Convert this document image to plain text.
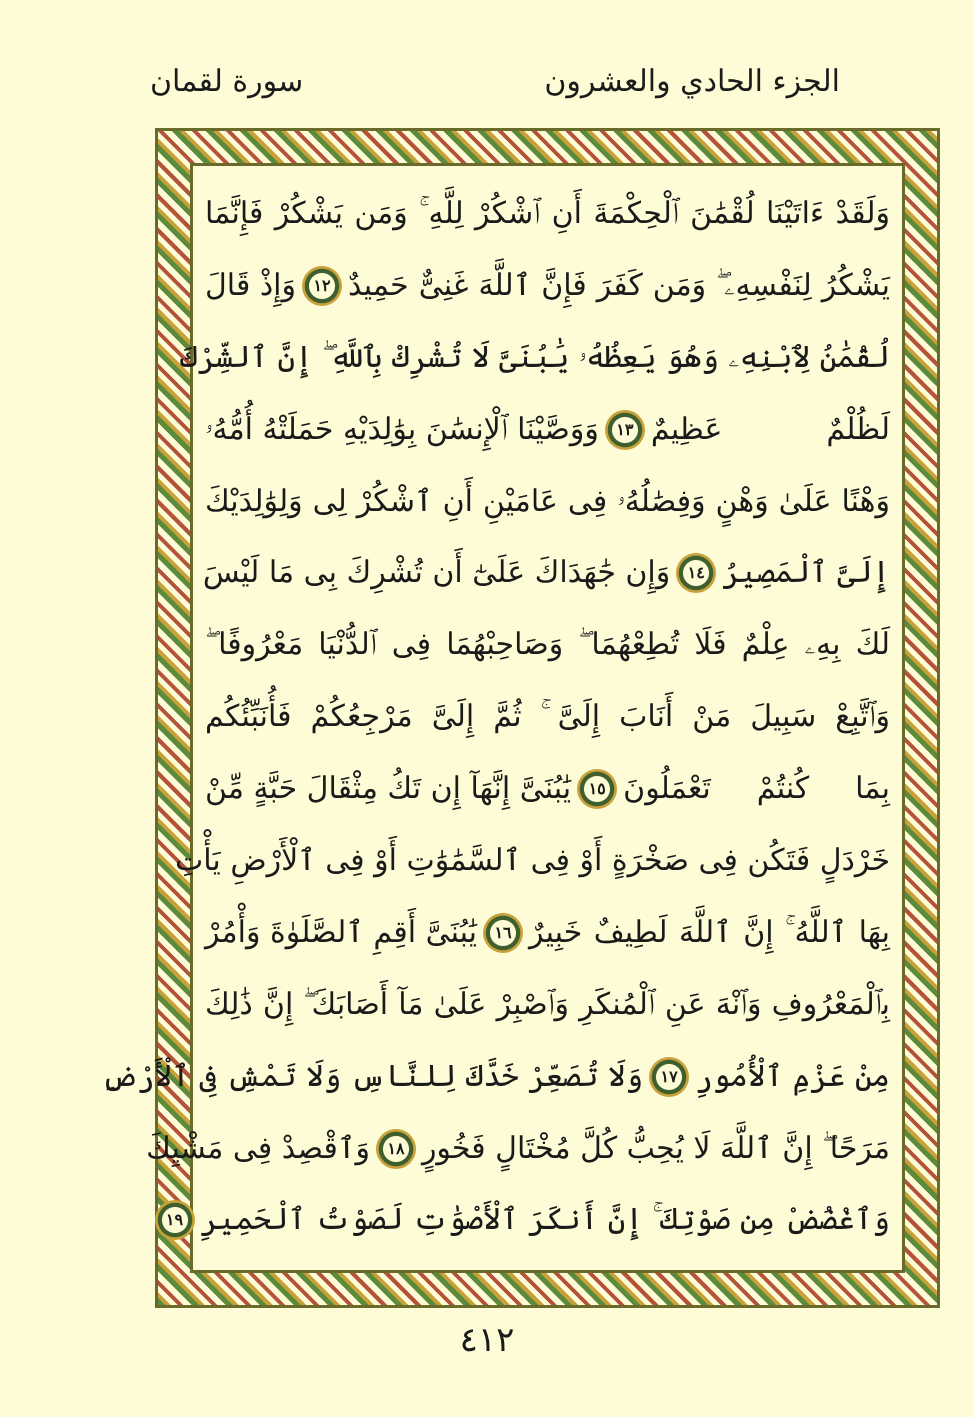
الجزء الحادي والعشرون
سورة لقمان
وَلَقَدْ ءَاتَيْنَا لُقْمَٰنَ ٱلْحِكْمَةَ أَنِ ٱشْكُرْ لِلَّهِ ۚ وَمَن يَشْكُرْ فَإِنَّمَا
يَشْكُرُ لِنَفْسِهِۦ ۖ وَمَن كَفَرَ فَإِنَّ ٱللَّهَ غَنِىٌّ حَمِيدٌ
١٢
وَإِذْ قَالَ
لُقْمَٰنُ لِٱبْنِهِۦ وَهُوَ يَعِظُهُۥ يَٰبُنَىَّ لَا تُشْرِكْ بِٱللَّهِ ۖ إِنَّ ٱلشِّرْكَ
لَظُلْمٌ عَظِيمٌ
١٣
وَوَصَّيْنَا ٱلْإِنسَٰنَ بِوَٰلِدَيْهِ حَمَلَتْهُ أُمُّهُۥ
وَهْنًا عَلَىٰ وَهْنٍ وَفِصَٰلُهُۥ فِى عَامَيْنِ أَنِ ٱشْكُرْ لِى وَلِوَٰلِدَيْكَ
إِلَىَّ ٱلْمَصِيرُ
١٤
وَإِن جَٰهَدَاكَ عَلَىٰٓ أَن تُشْرِكَ بِى مَا لَيْسَ
لَكَ بِهِۦ عِلْمٌ فَلَا تُطِعْهُمَا ۖ وَصَاحِبْهُمَا فِى ٱلدُّنْيَا مَعْرُوفًا ۖ
وَٱتَّبِعْ سَبِيلَ مَنْ أَنَابَ إِلَىَّ ۚ ثُمَّ إِلَىَّ مَرْجِعُكُمْ فَأُنَبِّئُكُم
بِمَا كُنتُمْ تَعْمَلُونَ
١٥
يَٰبُنَىَّ إِنَّهَآ إِن تَكُ مِثْقَالَ حَبَّةٍ مِّنْ
خَرْدَلٍ فَتَكُن فِى صَخْرَةٍ أَوْ فِى ٱلسَّمَٰوَٰتِ أَوْ فِى ٱلْأَرْضِ يَأْتِ
بِهَا ٱللَّهُ ۚ إِنَّ ٱللَّهَ لَطِيفٌ خَبِيرٌ
١٦
يَٰبُنَىَّ أَقِمِ ٱلصَّلَوٰةَ وَأْمُرْ
بِٱلْمَعْرُوفِ وَٱنْهَ عَنِ ٱلْمُنكَرِ وَٱصْبِرْ عَلَىٰ مَآ أَصَابَكَ ۖ إِنَّ ذَٰلِكَ
مِنْ عَزْمِ ٱلْأُمُورِ
١٧
وَلَا تُصَعِّرْ خَدَّكَ لِلنَّاسِ وَلَا تَمْشِ فِى ٱلْأَرْضِ
مَرَحًا ۖ إِنَّ ٱللَّهَ لَا يُحِبُّ كُلَّ مُخْتَالٍ فَخُورٍ
١٨
وَٱقْصِدْ فِى مَشْيِكَ
وَٱغْضُضْ مِن صَوْتِكَ ۚ إِنَّ أَنكَرَ ٱلْأَصْوَٰتِ لَصَوْتُ ٱلْحَمِيرِ
١٩
٤١٢
